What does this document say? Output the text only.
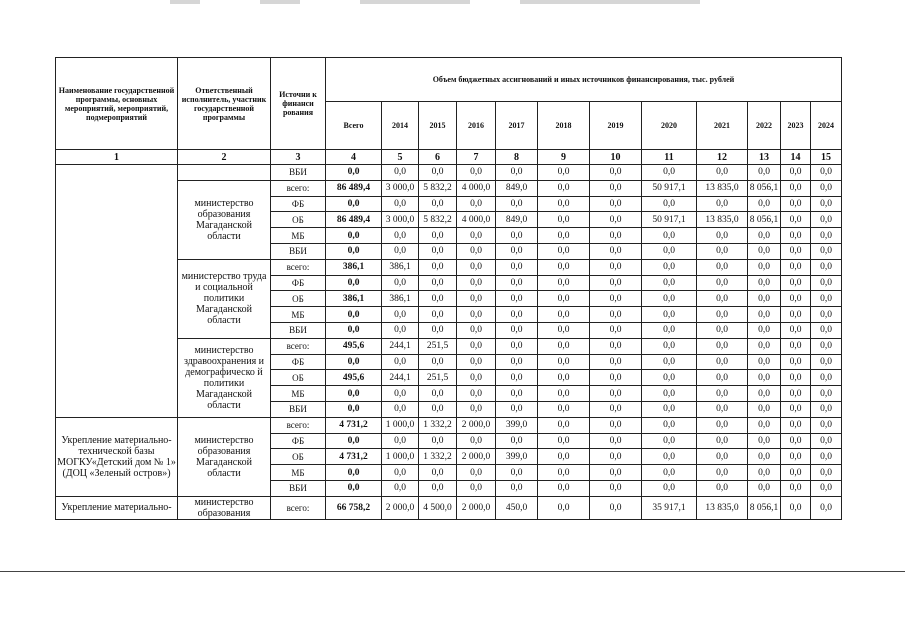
Наименование государственной программы, основных мероприятий, мероприятий, подмероприятий	Ответственный исполнитель, участник государственной программы	Источни к финанси рования	Объем бюджетных ассигнований и иных источников финансирования, тыс. рублей											
			Всего	2014	2015	2016	2017	2018	2019	2020	2021	2022	2023	2024
1	2	3	4	5	6	7	8	9	10	11	12	13	14	15
		ВБИ	0,0	0,0	0,0	0,0	0,0	0,0	0,0	0,0	0,0	0,0	0,0	0,0
	министерство образования Магаданской области	всего:	86 489,4	3 000,0	5 832,2	4 000,0	849,0	0,0	0,0	50 917,1	13 835,0	8 056,1	0,0	0,0
		ФБ	0,0	0,0	0,0	0,0	0,0	0,0	0,0	0,0	0,0	0,0	0,0	0,0
		ОБ	86 489,4	3 000,0	5 832,2	4 000,0	849,0	0,0	0,0	50 917,1	13 835,0	8 056,1	0,0	0,0
		МБ	0,0	0,0	0,0	0,0	0,0	0,0	0,0	0,0	0,0	0,0	0,0	0,0
		ВБИ	0,0	0,0	0,0	0,0	0,0	0,0	0,0	0,0	0,0	0,0	0,0	0,0
	министерство труда и социальной политики Магаданской области	всего:	386,1	386,1	0,0	0,0	0,0	0,0	0,0	0,0	0,0	0,0	0,0	0,0
		ФБ	0,0	0,0	0,0	0,0	0,0	0,0	0,0	0,0	0,0	0,0	0,0	0,0
		ОБ	386,1	386,1	0,0	0,0	0,0	0,0	0,0	0,0	0,0	0,0	0,0	0,0
		МБ	0,0	0,0	0,0	0,0	0,0	0,0	0,0	0,0	0,0	0,0	0,0	0,0
		ВБИ	0,0	0,0	0,0	0,0	0,0	0,0	0,0	0,0	0,0	0,0	0,0	0,0
	министерство здравоохранения и демографическо й политики Магаданской области	всего:	495,6	244,1	251,5	0,0	0,0	0,0	0,0	0,0	0,0	0,0	0,0	0,0
		ФБ	0,0	0,0	0,0	0,0	0,0	0,0	0,0	0,0	0,0	0,0	0,0	0,0
		ОБ	495,6	244,1	251,5	0,0	0,0	0,0	0,0	0,0	0,0	0,0	0,0	0,0
		МБ	0,0	0,0	0,0	0,0	0,0	0,0	0,0	0,0	0,0	0,0	0,0	0,0
		ВБИ	0,0	0,0	0,0	0,0	0,0	0,0	0,0	0,0	0,0	0,0	0,0	0,0
Укрепление материально-технической базы МОГКУ«Детский дом № 1» (ДОЦ «Зеленый остров»)	министерство образования Магаданской области	всего:	4 731,2	1 000,0	1 332,2	2 000,0	399,0	0,0	0,0	0,0	0,0	0,0	0,0	0,0
		ФБ	0,0	0,0	0,0	0,0	0,0	0,0	0,0	0,0	0,0	0,0	0,0	0,0
		ОБ	4 731,2	1 000,0	1 332,2	2 000,0	399,0	0,0	0,0	0,0	0,0	0,0	0,0	0,0
		МБ	0,0	0,0	0,0	0,0	0,0	0,0	0,0	0,0	0,0	0,0	0,0	0,0
		ВБИ	0,0	0,0	0,0	0,0	0,0	0,0	0,0	0,0	0,0	0,0	0,0	0,0
Укрепление материально-	министерство образования	всего:	66 758,2	2 000,0	4 500,0	2 000,0	450,0	0,0	0,0	35 917,1	13 835,0	8 056,1	0,0	0,0
